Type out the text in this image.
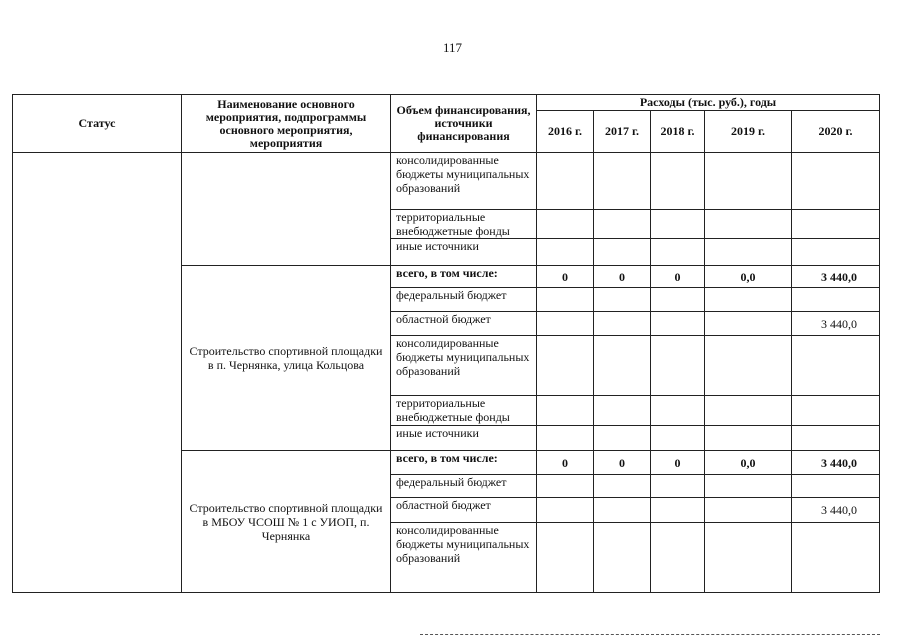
117
Статус	Наименование основного мероприятия, подпрограммы основного мероприятия, мероприятия	Объем финансирования, источники финансирования	Расходы (тыс. руб.), годы				
			2016 г.	2017 г.	2018 г.	2019 г.	2020 г.
		консолидированные бюджеты муниципальных образований					
		территориальные внебюджетные фонды					
		иные источники					
	Строительство спортивной площадки в п. Чернянка, улица Кольцова	всего, в том числе:	0	0	0	0,0	3 440,0
		федеральный бюджет					
		областной бюджет					3 440,0
		консолидированные бюджеты муниципальных образований					
		территориальные внебюджетные фонды					
		иные источники					
	Строительство спортивной площадки в МБОУ ЧСОШ № 1 с УИОП, п. Чернянка	всего, в том числе:	0	0	0	0,0	3 440,0
		федеральный бюджет					
		областной бюджет					3 440,0
		консолидированные бюджеты муниципальных образований					
